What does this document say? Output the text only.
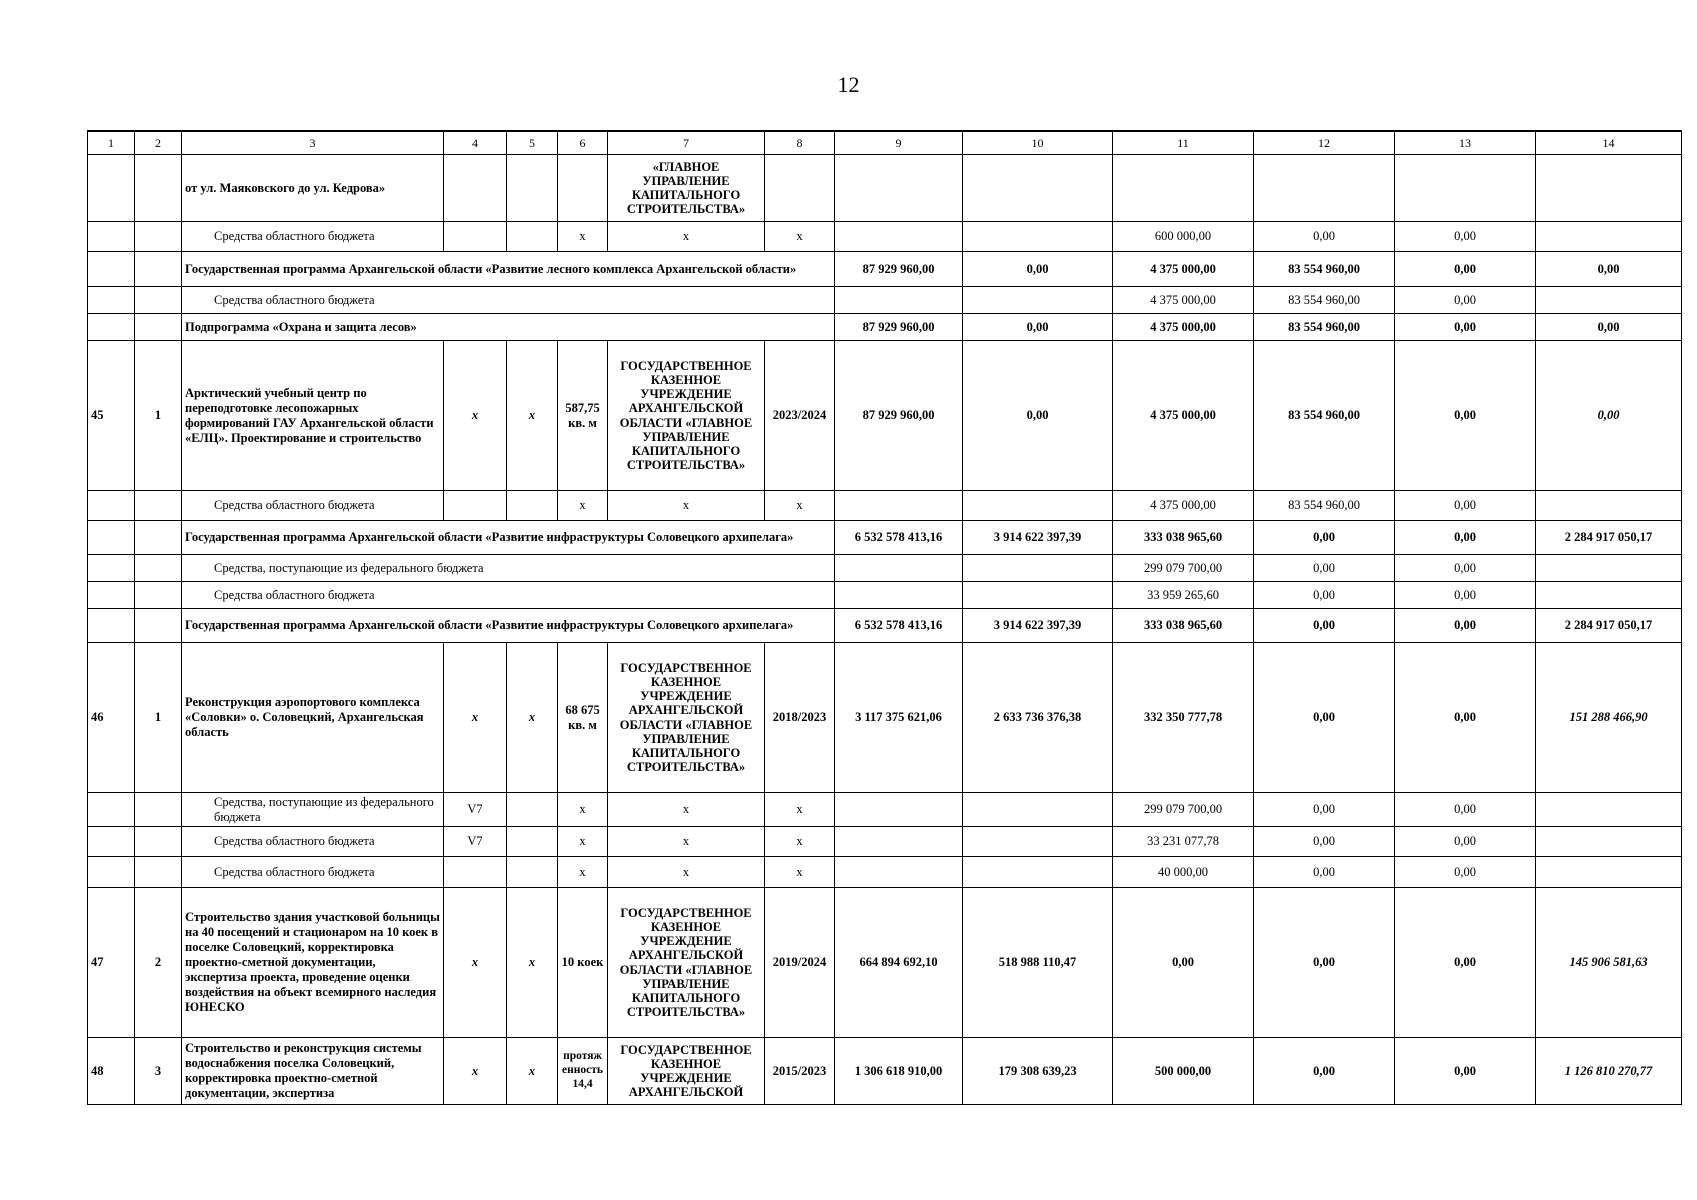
12
1	2	3	4	5	6	7	8	9	10	11	12	13	14
		от ул. Маяковского до ул. Кедрова»				«ГЛАВНОЕ УПРАВЛЕНИЕ КАПИТАЛЬНОГО СТРОИТЕЛЬСТВА»							
		Средства областного бюджета			x	x	x			600 000,00	0,00	0,00	
		Государственная программа Архангельской области «Развитие лесного комплекса Архангельской области»						87 929 960,00	0,00	4 375 000,00	83 554 960,00	0,00	0,00
		Средства областного бюджета								4 375 000,00	83 554 960,00	0,00	
		Подпрограмма «Охрана и защита лесов»						87 929 960,00	0,00	4 375 000,00	83 554 960,00	0,00	0,00
45	1	Арктический учебный центр по переподготовке лесопожарных формирований ГАУ Архангельской области «ЕЛЦ». Проектирование и строительство	x	x	587,75 кв. м	ГОСУДАРСТВЕННОЕ КАЗЕННОЕ УЧРЕЖДЕНИЕ АРХАНГЕЛЬСКОЙ ОБЛАСТИ «ГЛАВНОЕ УПРАВЛЕНИЕ КАПИТАЛЬНОГО СТРОИТЕЛЬСТВА»	2023/2024	87 929 960,00	0,00	4 375 000,00	83 554 960,00	0,00	0,00
		Средства областного бюджета			x	x	x			4 375 000,00	83 554 960,00	0,00	
		Государственная программа Архангельской области «Развитие инфраструктуры Соловецкого архипелага»						6 532 578 413,16	3 914 622 397,39	333 038 965,60	0,00	0,00	2 284 917 050,17
		Средства, поступающие из федерального бюджета								299 079 700,00	0,00	0,00	
		Средства областного бюджета								33 959 265,60	0,00	0,00	
		Государственная программа Архангельской области «Развитие инфраструктуры Соловецкого архипелага»						6 532 578 413,16	3 914 622 397,39	333 038 965,60	0,00	0,00	2 284 917 050,17
46	1	Реконструкция аэропортового комплекса «Соловки» о. Соловецкий, Архангельская область	x	x	68 675 кв. м	ГОСУДАРСТВЕННОЕ КАЗЕННОЕ УЧРЕЖДЕНИЕ АРХАНГЕЛЬСКОЙ ОБЛАСТИ «ГЛАВНОЕ УПРАВЛЕНИЕ КАПИТАЛЬНОГО СТРОИТЕЛЬСТВА»	2018/2023	3 117 375 621,06	2 633 736 376,38	332 350 777,78	0,00	0,00	151 288 466,90
		Средства, поступающие из федерального бюджета	V7		x	x	x			299 079 700,00	0,00	0,00	
		Средства областного бюджета	V7		x	x	x			33 231 077,78	0,00	0,00	
		Средства областного бюджета			x	x	x			40 000,00	0,00	0,00	
47	2	Строительство здания участковой больницы на 40 посещений и стационаром на 10 коек в поселке Соловецкий, корректировка проектно-сметной документации, экспертиза проекта, проведение оценки воздействия на объект всемирного наследия ЮНЕСКО	x	x	10 коек	ГОСУДАРСТВЕННОЕ КАЗЕННОЕ УЧРЕЖДЕНИЕ АРХАНГЕЛЬСКОЙ ОБЛАСТИ «ГЛАВНОЕ УПРАВЛЕНИЕ КАПИТАЛЬНОГО СТРОИТЕЛЬСТВА»	2019/2024	664 894 692,10	518 988 110,47	0,00	0,00	0,00	145 906 581,63
48	3	Строительство и реконструкция системы водоснабжения поселка Соловецкий, корректировка проектно-сметной документации, экспертиза	x	x	протяженность 14,4	ГОСУДАРСТВЕННОЕ КАЗЕННОЕ УЧРЕЖДЕНИЕ АРХАНГЕЛЬСКОЙ	2015/2023	1 306 618 910,00	179 308 639,23	500 000,00	0,00	0,00	1 126 810 270,77
